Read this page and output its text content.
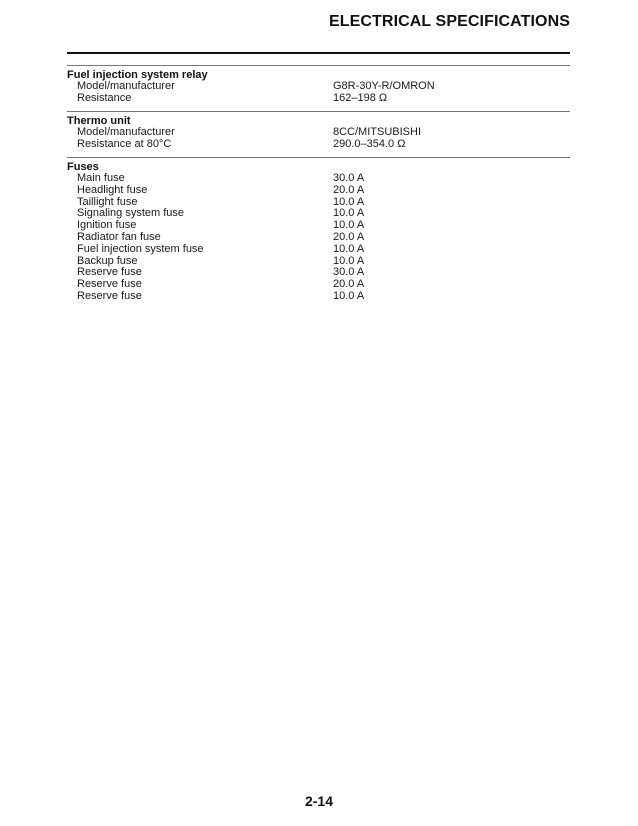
ELECTRICAL SPECIFICATIONS
Fuel injection system relay
Model/manufacturer	G8R-30Y-R/OMRON
Resistance	162–198 Ω
Thermo unit
Model/manufacturer	8CC/MITSUBISHI
Resistance at 80°C	290.0–354.0 Ω
Fuses
Main fuse	30.0 A
Headlight fuse	20.0 A
Taillight fuse	10.0 A
Signaling system fuse	10.0 A
Ignition fuse	10.0 A
Radiator fan fuse	20.0 A
Fuel injection system fuse	10.0 A
Backup fuse	10.0 A
Reserve fuse	30.0 A
Reserve fuse	20.0 A
Reserve fuse	10.0 A
2-14
